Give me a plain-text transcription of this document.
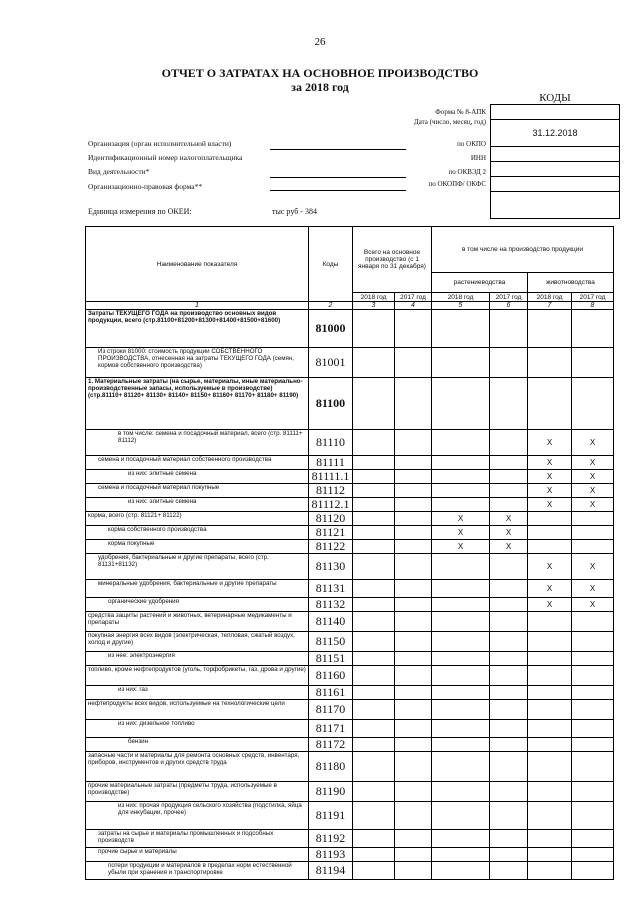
26
ОТЧЕТ О ЗАТРАТАХ НА ОСНОВНОЕ ПРОИЗВОДСТВО
за 2018 год
КОДЫ

31.12.2018

Форма № 8-АПК
Дата (число, месяц, год)
по ОКПО
ИНН
по ОКВЭД 2
по ОКОПФ/ ОКФС
Организация (орган исполнительной власти)
Идентификационный номер налогоплательщика
Вид деятельности*
Организационно-правовая форма**
Единица измерения по ОКЕИ:	тыс руб - 384
Наименование показателя	Коды	Всего на основное производство (с 1 января по 31 декабря)		в том числе на производство продукции			
				растениеводства		животноводства	
		2018 год	2017 год	2018 год	2017 год	2018 год	2017 год
1	2	3	4	5	6	7	8
Затраты ТЕКУЩЕГО ГОДА на производство основных видов продукции, всего (стр.81100+81200+81300+81400+81500+81600)	81000						
Из строки 81000: стоимость продукции СОБСТВЕННОГО ПРОИЗВОДСТВА, отнесенная на затраты ТЕКУЩЕГО ГОДА (семян, кормов собственного производства)	81001						
1. Материальные затраты (на сырье, материалы, иные материально-производственные запасы, используемые в производстве) (стр.81110+ 81120+ 81130+ 81140+ 81150+ 81160+ 81170+ 81180+ 81190)	81100						
в том числе: семена и посадочный материал, всего (стр. 81111+ 81112)	81110					X	X
семена и посадочный материал собственного производства	81111					X	X
из них: элитные семена	81111.1					X	X
семена и посадочный материал покупные	81112					X	X
из них: элитные семена	81112.1					X	X
корма, всего (стр. 81121+ 81122)	81120			X	X		
корма собственного производства	81121			X	X		
корма покупные	81122			X	X		
удобрения, бактериальные и другие препараты, всего (стр. 81131+81132)	81130					X	X
минеральные удобрения, бактериальные и другие препараты	81131					X	X
органические удобрения	81132					X	X
средства защиты растений и животных, ветеринарные медикаменты и препараты	81140						
покупная энергия всех видов (электрическая, тепловая, сжатый воздух, холод и другие)	81150						
из нее: электроэнергия	81151						
топливо, кроме нефтепродуктов (уголь, торфобрикеты, газ, дрова и другие)	81160						
из них: газ	81161						
нефтепродукты всех видов, используемые на технологические цели	81170						
из них: дизельное топливо	81171						
бензин	81172						
запасные части и материалы для ремонта основных средств, инвентаря, приборов, инструментов и других средств труда	81180						
прочие материальные затраты (предметы труда, используемые в производстве)	81190						
из них: прочая продукция сельского хозяйства (подстилка, яйца для инкубации, прочее)	81191						
затраты на сырье и материалы промышленных и подсобных производств	81192						
прочие сырье и материалы	81193						
потери продукции и материалов в пределах норм естественной убыли при хранения и транспортировке	81194						
